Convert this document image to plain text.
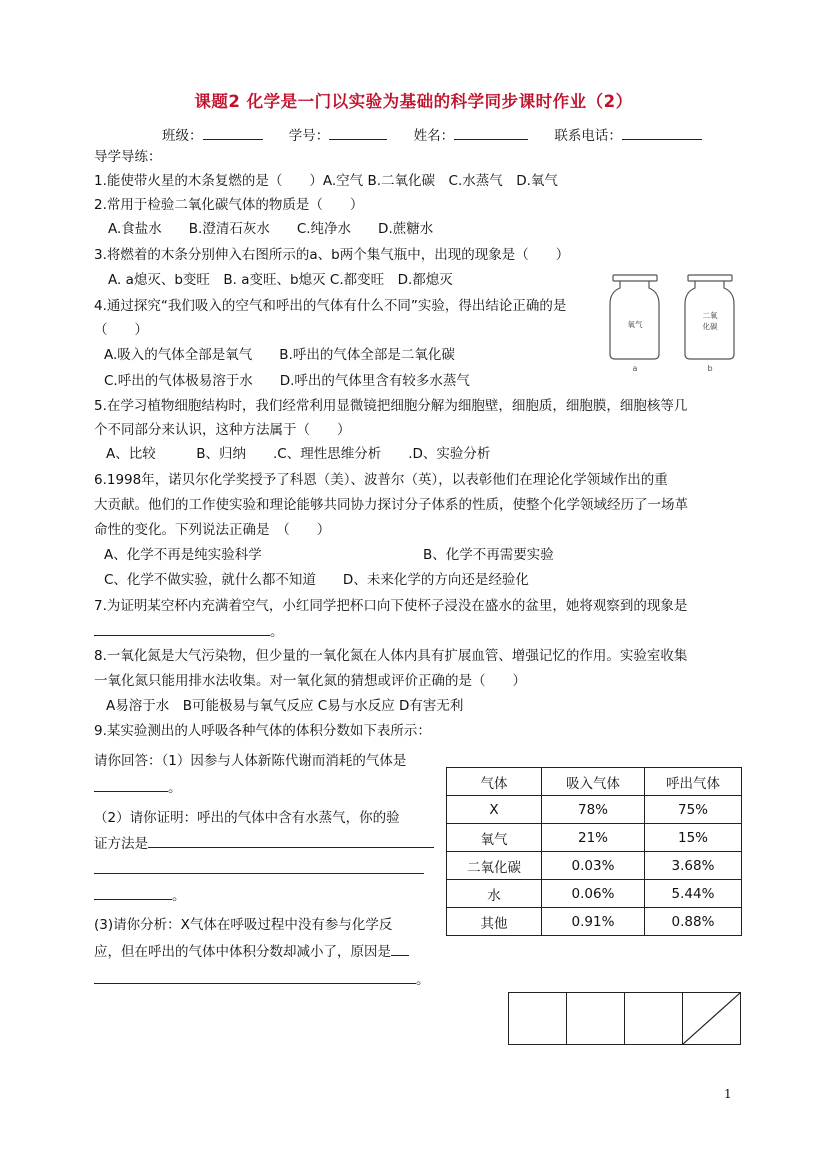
课题2 化学是一门以实验为基础的科学同步课时作业（2）
班级：	学号：	姓名：	联系电话：
导学导练：
1.能使带火星的木条复燃的是（　　）A.空气 B.二氧化碳　C.水蒸气　D.氧气
2.常用于检验二氧化碳气体的物质是（　　）
A.食盐水　　B.澄清石灰水　　C.纯净水　　D.蔗糖水
3.将燃着的木条分别伸入右图所示的a、b两个集气瓶中，出现的现象是（　　）
A. a熄灭、b变旺　B. a变旺、b熄灭 C.都变旺　D.都熄灭
4.通过探究“我们吸入的空气和呼出的气体有什么不同”实验，得出结论正确的是
（　　）
A.吸入的气体全部是氧气　　B.呼出的气体全部是二氧化碳
C.呼出的气体极易溶于水　　D.呼出的气体里含有较多水蒸气
氧气
a
二氧
化碳
b
5.在学习植物细胞结构时，我们经常利用显微镜把细胞分解为细胞壁，细胞质，细胞膜，细胞核等几
个不同部分来认识，这种方法属于（　　）
A、比较　　　B、归纳　　.C、理性思维分析　　.D、实验分析
6.1998年，诺贝尔化学奖授予了科恩（美）、波普尔（英），以表彰他们在理论化学领域作出的重
大贡献。他们的工作使实验和理论能够共同协力探讨分子体系的性质，使整个化学领域经历了一场革
命性的变化。下列说法正确是　（　　）
A、化学不再是纯实验科学	B、化学不再需要实验
C、化学不做实验，就什么都不知道　　D、未来化学的方向还是经验化
7.为证明某空杯内充满着空气，小红同学把杯口向下使杯子浸没在盛水的盆里，她将观察到的现象是
。
8.一氧化氮是大气污染物，但少量的一氧化氮在人体内具有扩展血管、增强记忆的作用。实验室收集
一氧化氮只能用排水法收集。对一氧化氮的猜想或评价正确的是（　　）
A易溶于水　B可能极易与氧气反应 C易与水反应 D有害无利
9.某实验测出的人呼吸各种气体的体积分数如下表所示：
请你回答：（1）因参与人体新陈代谢而消耗的气体是
。
（2）请你证明：呼出的气体中含有水蒸气，你的验
证方法是
。
(3)请你分析：X气体在呼吸过程中没有参与化学反
应，但在呼出的气体中体积分数却减小了，原因是
。
气体	吸入气体	呼出气体
X	78%	75%
氧气	21%	15%
二氧化碳	0.03%	3.68%
水	0.06%	5.44%
其他	0.91%	0.88%

1
